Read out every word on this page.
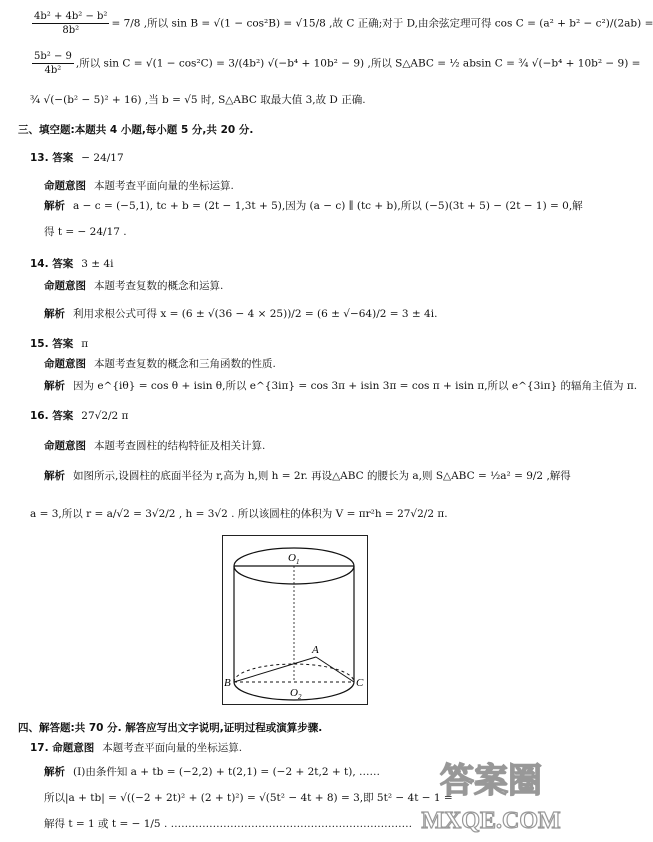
$\frac{\text{4b² + 4b² − b²}}{\text{8b²}} = 7/8$ ,所以 sin B = √(1 − cos²B) = √15/8 ,故 C 正确;对于 D,由余弦定理可得 cos C = (a² + b² − c²)/(2ab) =
$\frac{\text{5b² − 9}}{\text{4b²}}$ ,所以 sin C = √(1 − cos²C) = 3/(4b²) √(−b⁴ + 10b² − 9) ,所以 S△ABC = ½ absin C = ¾ √(−b⁴ + 10b² − 9) =
¾ √(−(b² − 5)² + 16) ,当 b = √5 时, S△ABC 取最大值 3,故 D 正确.
三、填空题:本题共 4 小题,每小题 5 分,共 20 分.
13. 答案 − 24/17
命题意图 本题考查平面向量的坐标运算.
解析 a − c = (−5,1), tc + b = (2t − 1,3t + 5),因为 (a − c) ∥ (tc + b),所以 (−5)(3t + 5) − (2t − 1) = 0,解
得 t = − 24/17 .
14. 答案 3 ± 4i
命题意图 本题考查复数的概念和运算.
解析 利用求根公式可得 x = (6 ± √(36 − 4 × 25))/2 = (6 ± √−64)/2 = 3 ± 4i.
15. 答案 π
命题意图 本题考查复数的概念和三角函数的性质.
解析 因为 e^{iθ} = cos θ + isin θ,所以 e^{3iπ} = cos 3π + isin 3π = cos π + isin π,所以 e^{3iπ} 的辐角主值为 π.
16. 答案 27√2/2 π
命题意图 本题考查圆柱的结构特征及相关计算.
解析 如图所示,设圆柱的底面半径为 r,高为 h,则 h = 2r. 再设△ABC 的腰长为 a,则 S△ABC = ½a² = 9/2 ,解得
a = 3,所以 r = a/√2 = 3√2/2 , h = 3√2 . 所以该圆柱的体积为 V = πr²h = 27√2/2 π.
$O_1$
A
B	C
$O_2$
四、解答题:共 70 分. 解答应写出文字说明,证明过程或演算步骤.
17. 命题意图 本题考查平面向量的坐标运算.
解析 (Ⅰ)由条件知 a + tb = (−2,2) + t(2,1) = (−2 + 2t,2 + t), ……
所以|a + tb| = √((−2 + 2t)² + (2 + t)²) = √(5t² − 4t + 8) = 3,即 5t² − 4t − 1 =
解得 t = 1 或 t = − 1/5 . ……………………………………………………………
答案圈
MXQE.COM
